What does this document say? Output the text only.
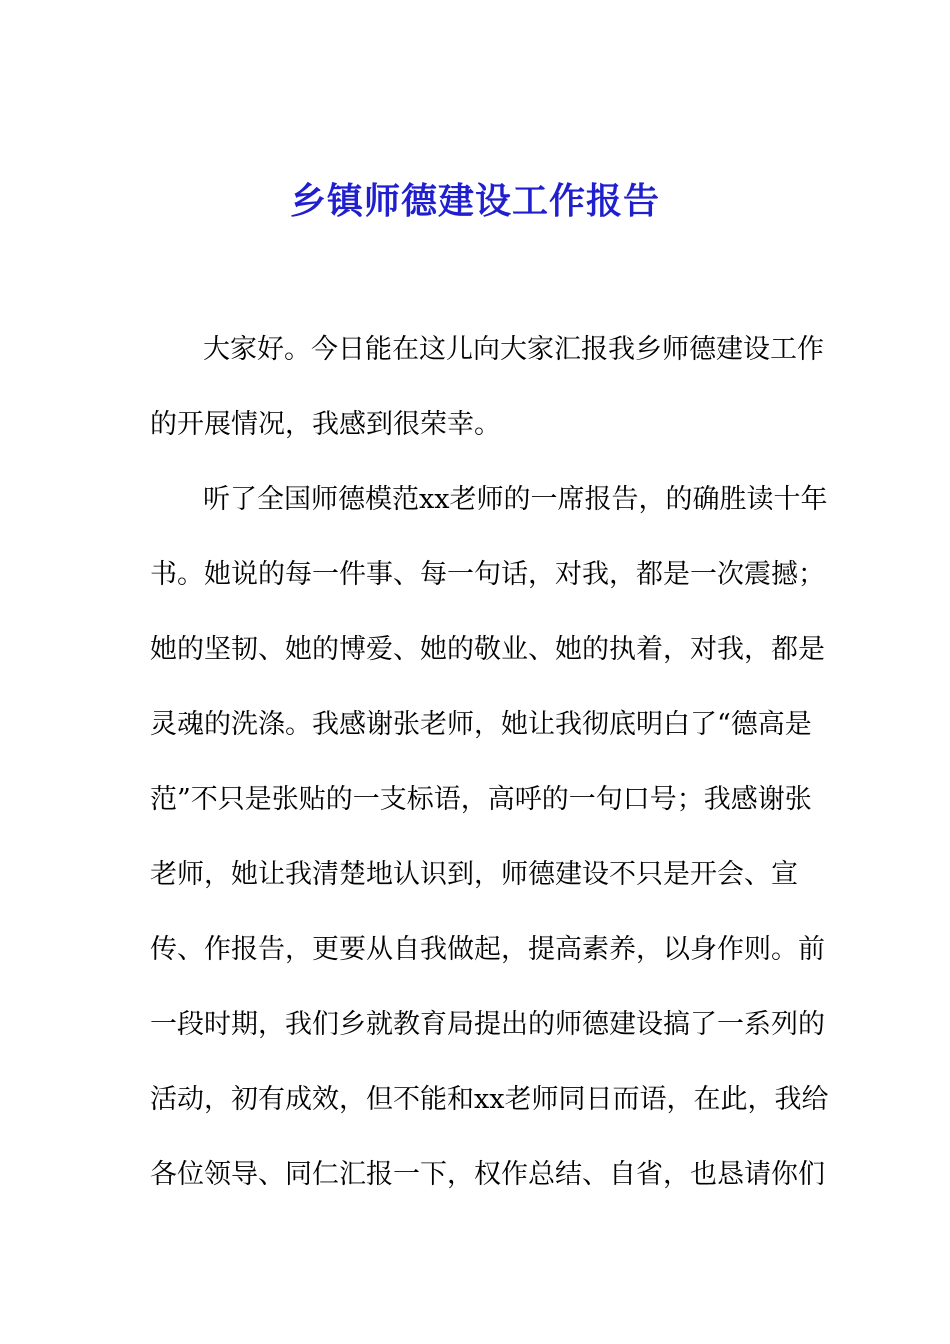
乡镇师德建设工作报告
大家好。今日能在这儿向大家汇报我乡师德建设工作
的开展情况，我感到很荣幸。
听了全国师德模范xx老师的一席报告，的确胜读十年
书。她说的每一件事、每一句话，对我，都是一次震撼；
她的坚韧、她的博爱、她的敬业、她的执着，对我，都是
灵魂的洗涤。我感谢张老师，她让我彻底明白了“德高是
范”不只是张贴的一支标语，高呼的一句口号；我感谢张
老师，她让我清楚地认识到，师德建设不只是开会、宣
传、作报告，更要从自我做起，提高素养，以身作则。前
一段时期，我们乡就教育局提出的师德建设搞了一系列的
活动，初有成效，但不能和xx老师同日而语，在此，我给
各位领导、同仁汇报一下，权作总结、自省，也恳请你们
